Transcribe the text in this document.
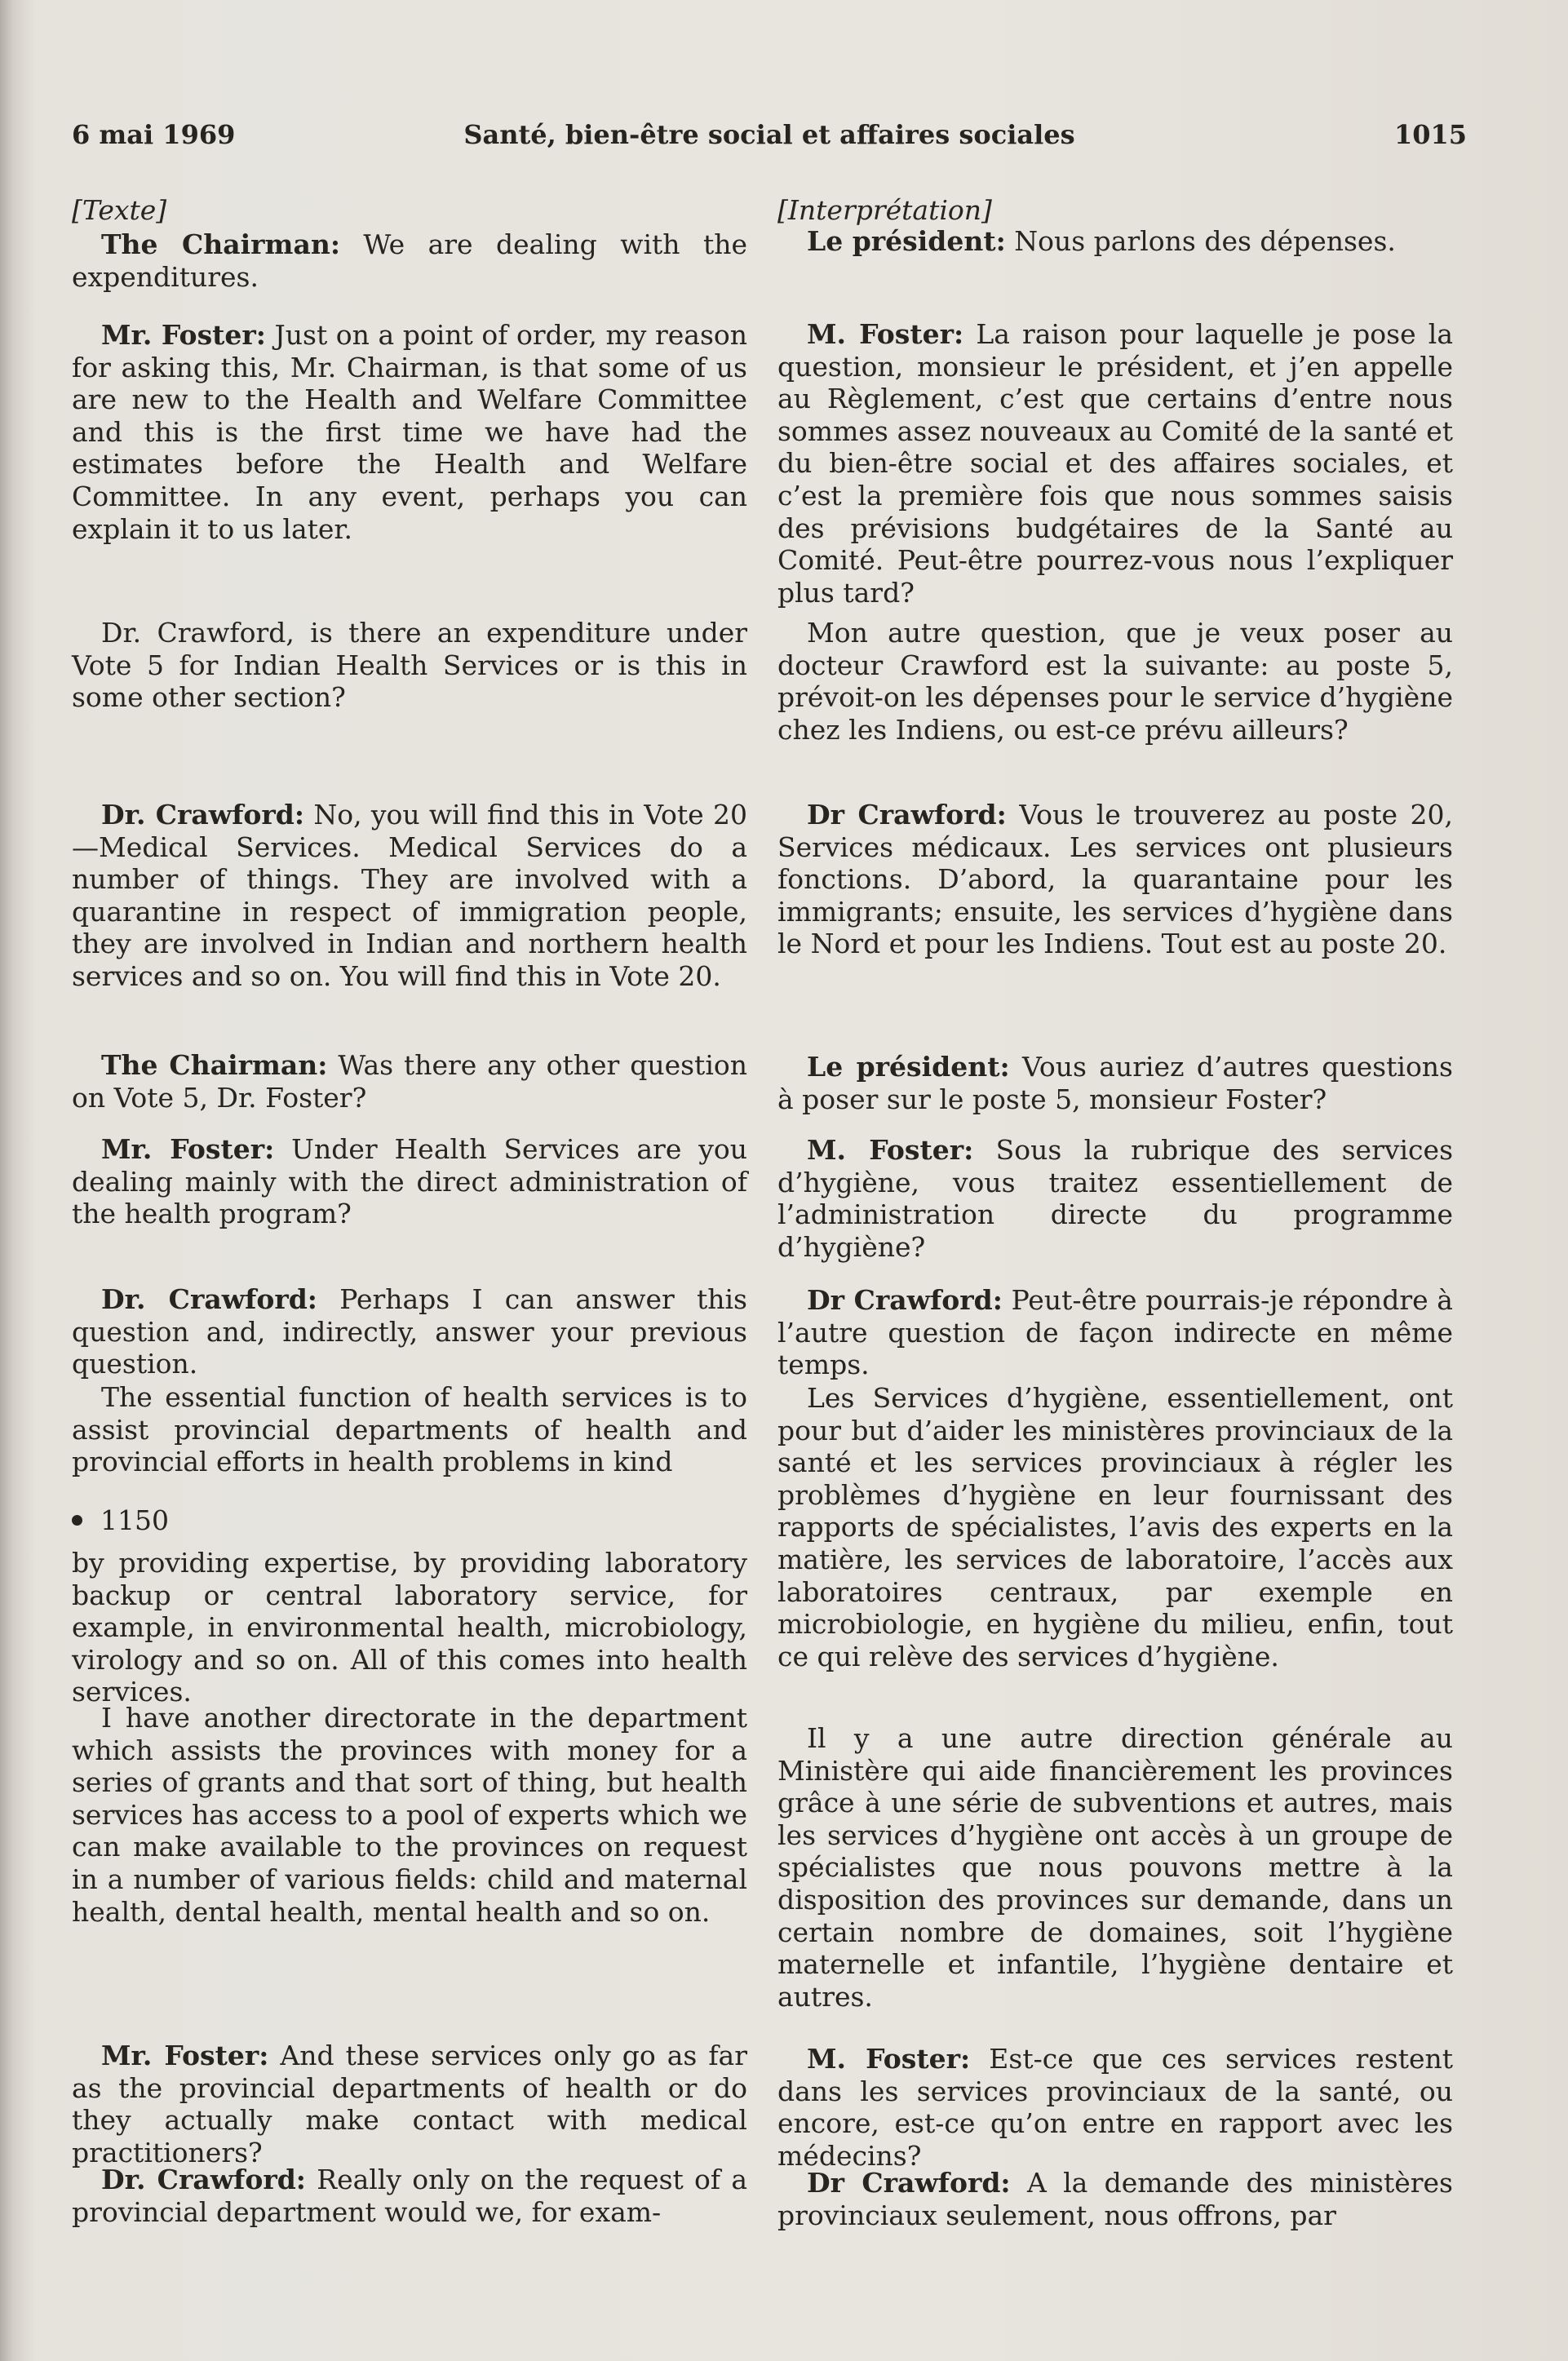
6 mai 1969	Santé, bien-être social et affaires sociales	1015

[Texte]

The Chairman: We are dealing with the expenditures.

Mr. Foster: Just on a point of order, my reason for asking this, Mr. Chairman, is that some of us are new to the Health and Welfare Committee and this is the first time we have had the estimates before the Health and Welfare Committee. In any event, perhaps you can explain it to us later.

Dr. Crawford, is there an expenditure under Vote 5 for Indian Health Services or is this in some other section?

Dr. Crawford: No, you will find this in Vote 20—Medical Services. Medical Services do a number of things. They are involved with a quarantine in respect of immigration people, they are involved in Indian and northern health services and so on. You will find this in Vote 20.

The Chairman: Was there any other question on Vote 5, Dr. Foster?

Mr. Foster: Under Health Services are you dealing mainly with the direct administration of the health program?

Dr. Crawford: Perhaps I can answer this question and, indirectly, answer your previous question.

The essential function of health services is to assist provincial departments of health and provincial efforts in health problems in kind

1150

by providing expertise, by providing laboratory backup or central laboratory service, for example, in environmental health, microbiology, virology and so on. All of this comes into health services.

I have another directorate in the department which assists the provinces with money for a series of grants and that sort of thing, but health services has access to a pool of experts which we can make available to the provinces on request in a number of various fields: child and maternal health, dental health, mental health and so on.

Mr. Foster: And these services only go as far as the provincial departments of health or do they actually make contact with medical practitioners?

Dr. Crawford: Really only on the request of a provincial department would we, for exam-

[Interprétation]

Le président: Nous parlons des dépenses.

M. Foster: La raison pour laquelle je pose la question, monsieur le président, et j’en appelle au Règlement, c’est que certains d’entre nous sommes assez nouveaux au Comité de la santé et du bien-être social et des affaires sociales, et c’est la première fois que nous sommes saisis des prévisions budgétaires de la Santé au Comité. Peut-être pourrez-vous nous l’expliquer plus tard?

Mon autre question, que je veux poser au docteur Crawford est la suivante: au poste 5, prévoit-on les dépenses pour le service d’hygiène chez les Indiens, ou est-ce prévu ailleurs?

Dr Crawford: Vous le trouverez au poste 20, Services médicaux. Les services ont plusieurs fonctions. D’abord, la quarantaine pour les immigrants; ensuite, les services d’hygiène dans le Nord et pour les Indiens. Tout est au poste 20.

Le président: Vous auriez d’autres questions à poser sur le poste 5, monsieur Foster?

M. Foster: Sous la rubrique des services d’hygiène, vous traitez essentiellement de l’administration directe du programme d’hygiène?

Dr Crawford: Peut-être pourrais-je répondre à l’autre question de façon indirecte en même temps.

Les Services d’hygiène, essentiellement, ont pour but d’aider les ministères provinciaux de la santé et les services provinciaux à régler les problèmes d’hygiène en leur fournissant des rapports de spécialistes, l’avis des experts en la matière, les services de laboratoire, l’accès aux laboratoires centraux, par exemple en microbiologie, en hygiène du milieu, enfin, tout ce qui relève des services d’hygiène.

Il y a une autre direction générale au Ministère qui aide financièrement les provinces grâce à une série de subventions et autres, mais les services d’hygiène ont accès à un groupe de spécialistes que nous pouvons mettre à la disposition des provinces sur demande, dans un certain nombre de domaines, soit l’hygiène maternelle et infantile, l’hygiène dentaire et autres.

M. Foster: Est-ce que ces services restent dans les services provinciaux de la santé, ou encore, est-ce qu’on entre en rapport avec les médecins?

Dr Crawford: A la demande des ministères provinciaux seulement, nous offrons, par
